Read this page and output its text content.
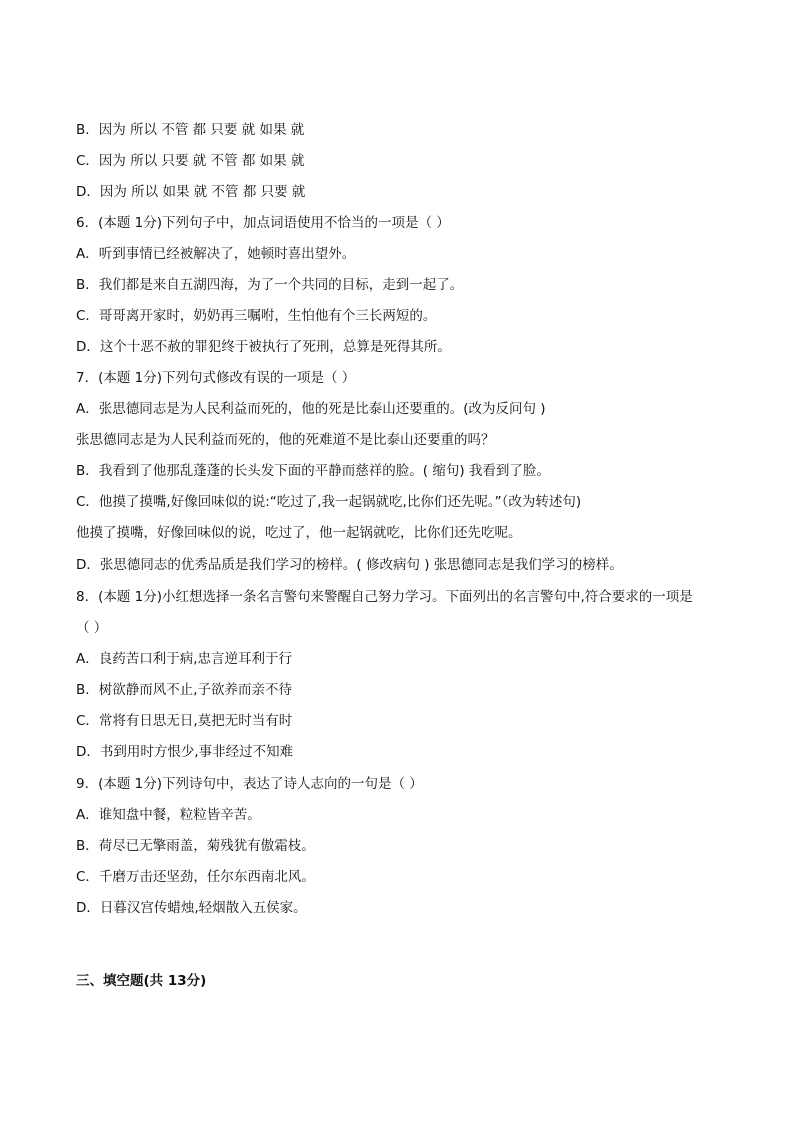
B．因为 所以 不管 都 只要 就 如果 就
C．因为 所以 只要 就 不管 都 如果 就
D．因为 所以 如果 就 不管 都 只要 就
6．(本题 1分)下列句子中，加点词语使用不恰当的一项是（ ）
A．听到事情已经被解决了，她顿时喜出望外。
B．我们都是来自五湖四海，为了一个共同的目标，走到一起了。
C．哥哥离开家时，奶奶再三嘱咐，生怕他有个三长两短的。
D．这个十恶不赦的罪犯终于被执行了死刑，总算是死得其所。
7．(本题 1分)下列句式修改有误的一项是（ ）
A．张思德同志是为人民利益而死的，他的死是比泰山还要重的。(改为反问句 )
张思德同志是为人民利益而死的，他的死难道不是比泰山还要重的吗？
B．我看到了他那乱蓬蓬的长头发下面的平静而慈祥的脸。( 缩句) 我看到了脸。
C．他摸了摸嘴,好像回味似的说:“吃过了,我一起锅就吃,比你们还先呢。”（改为转述句)
他摸了摸嘴，好像回味似的说，吃过了，他一起锅就吃，比你们还先吃呢。
D．张思德同志的优秀品质是我们学习的榜样。( 修改病句 ) 张思德同志是我们学习的榜样。
8．(本题 1分)小红想选择一条名言警句来警醒自己努力学习。下面列出的名言警句中,符合要求的一项是
（ ）
A．良药苦口利于病,忠言逆耳利于行
B．树欲静而风不止,子欲养而亲不待
C．常将有日思无日,莫把无时当有时
D．书到用时方恨少,事非经过不知难
9．(本题 1分)下列诗句中，表达了诗人志向的一句是（ ）
A．谁知盘中餐，粒粒皆辛苦。
B．荷尽已无擎雨盖，菊残犹有傲霜枝。
C．千磨万击还坚劲，任尔东西南北风。
D．日暮汉宫传蜡烛,轻烟散入五侯家。
三、填空题(共 13分)
